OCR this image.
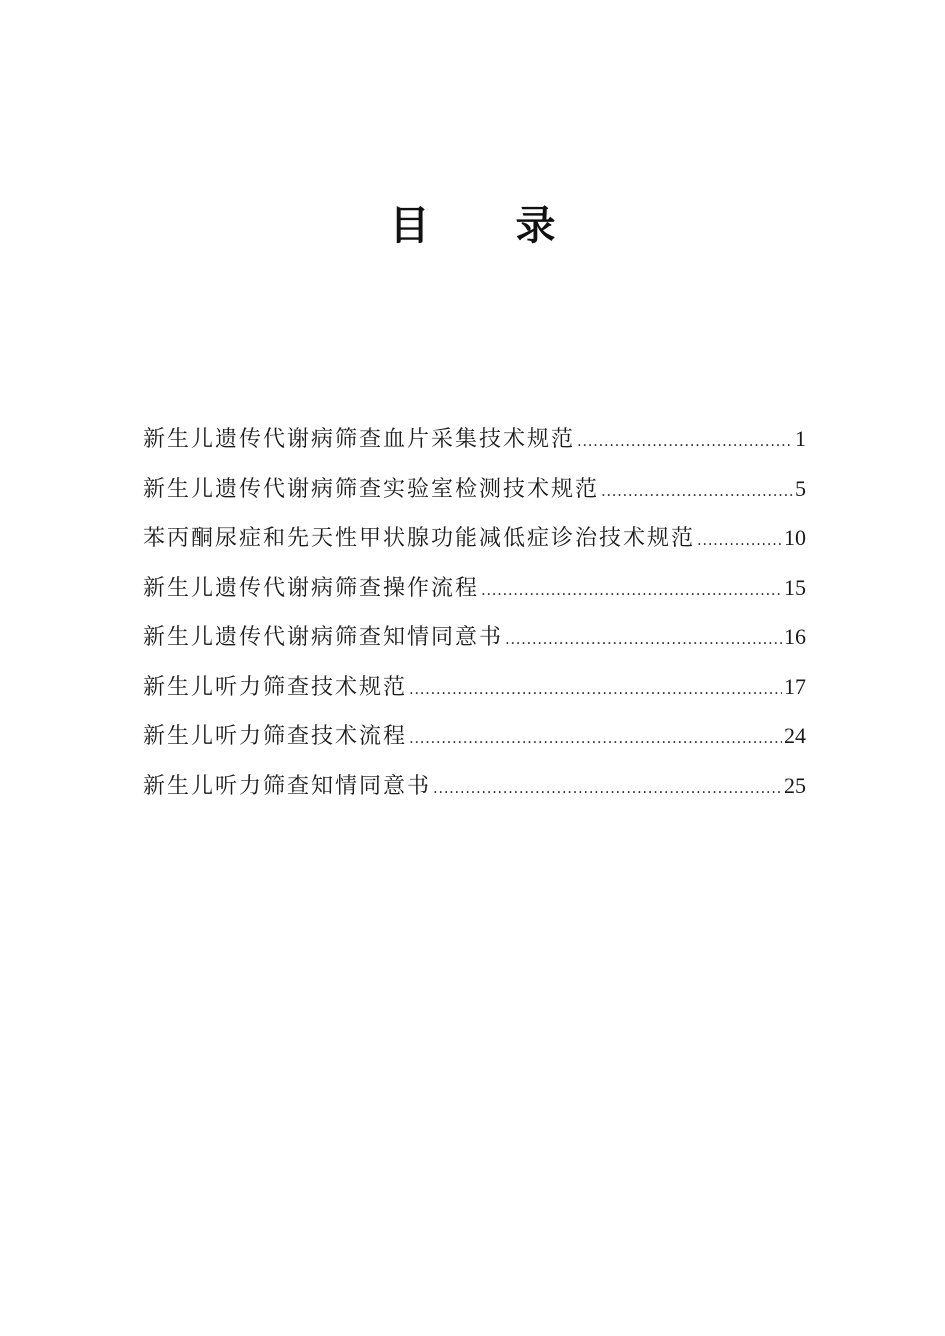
目 录
新生儿遗传代谢病筛查血片采集技术规范 .....	1
新生儿遗传代谢病筛查实验室检测技术规范 .....	5
苯丙酮尿症和先天性甲状腺功能减低症诊治技术规范 .....	10
新生儿遗传代谢病筛查操作流程 .....	15
新生儿遗传代谢病筛查知情同意书 .....	16
新生儿听力筛查技术规范 .....	17
新生儿听力筛查技术流程 .....	24
新生儿听力筛查知情同意书 .....	25
